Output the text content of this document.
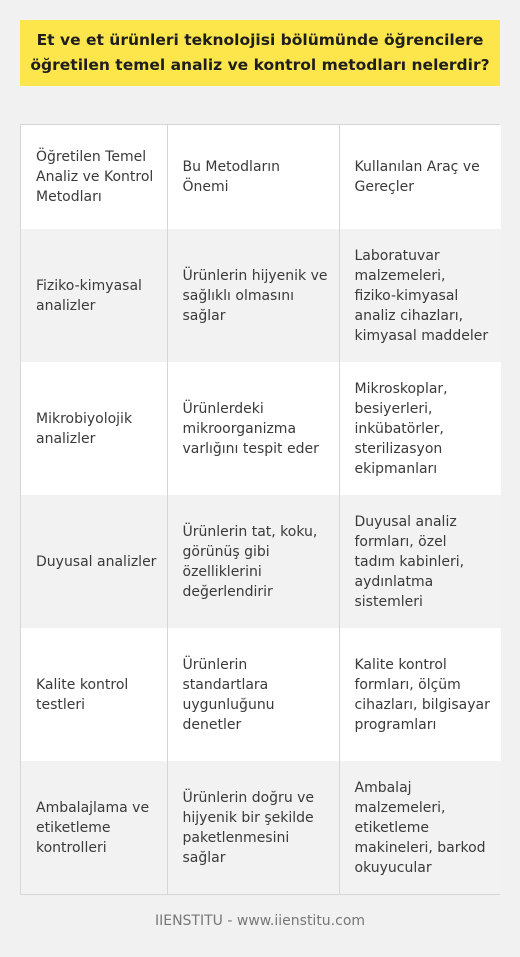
Et ve et ürünleri teknolojisi bölümünde öğrencilere
öğretilen temel analiz ve kontrol metodları nelerdir?
Öğretilen Temel Analiz ve Kontrol Metodları	Bu Metodların Önemi	Kullanılan Araç ve Gereçler
Fiziko-kimyasal analizler	Ürünlerin hijyenik ve sağlıklı olmasını sağlar	Laboratuvar malzemeleri, fiziko-kimyasal analiz cihazları, kimyasal maddeler
Mikrobiyolojik analizler	Ürünlerdeki mikroorganizma varlığını tespit eder	Mikroskoplar, besiyerleri, inkübatörler, sterilizasyon ekipmanları
Duyusal analizler	Ürünlerin tat, koku, görünüş gibi özelliklerini değerlendirir	Duyusal analiz formları, özel tadım kabinleri, aydınlatma sistemleri
Kalite kontrol testleri	Ürünlerin standartlara uygunluğunu denetler	Kalite kontrol formları, ölçüm cihazları, bilgisayar programları
Ambalajlama ve etiketleme kontrolleri	Ürünlerin doğru ve hijyenik bir şekilde paketlenmesini sağlar	Ambalaj malzemeleri, etiketleme makineleri, barkod okuyucular
IIENSTITU - www.iienstitu.com
